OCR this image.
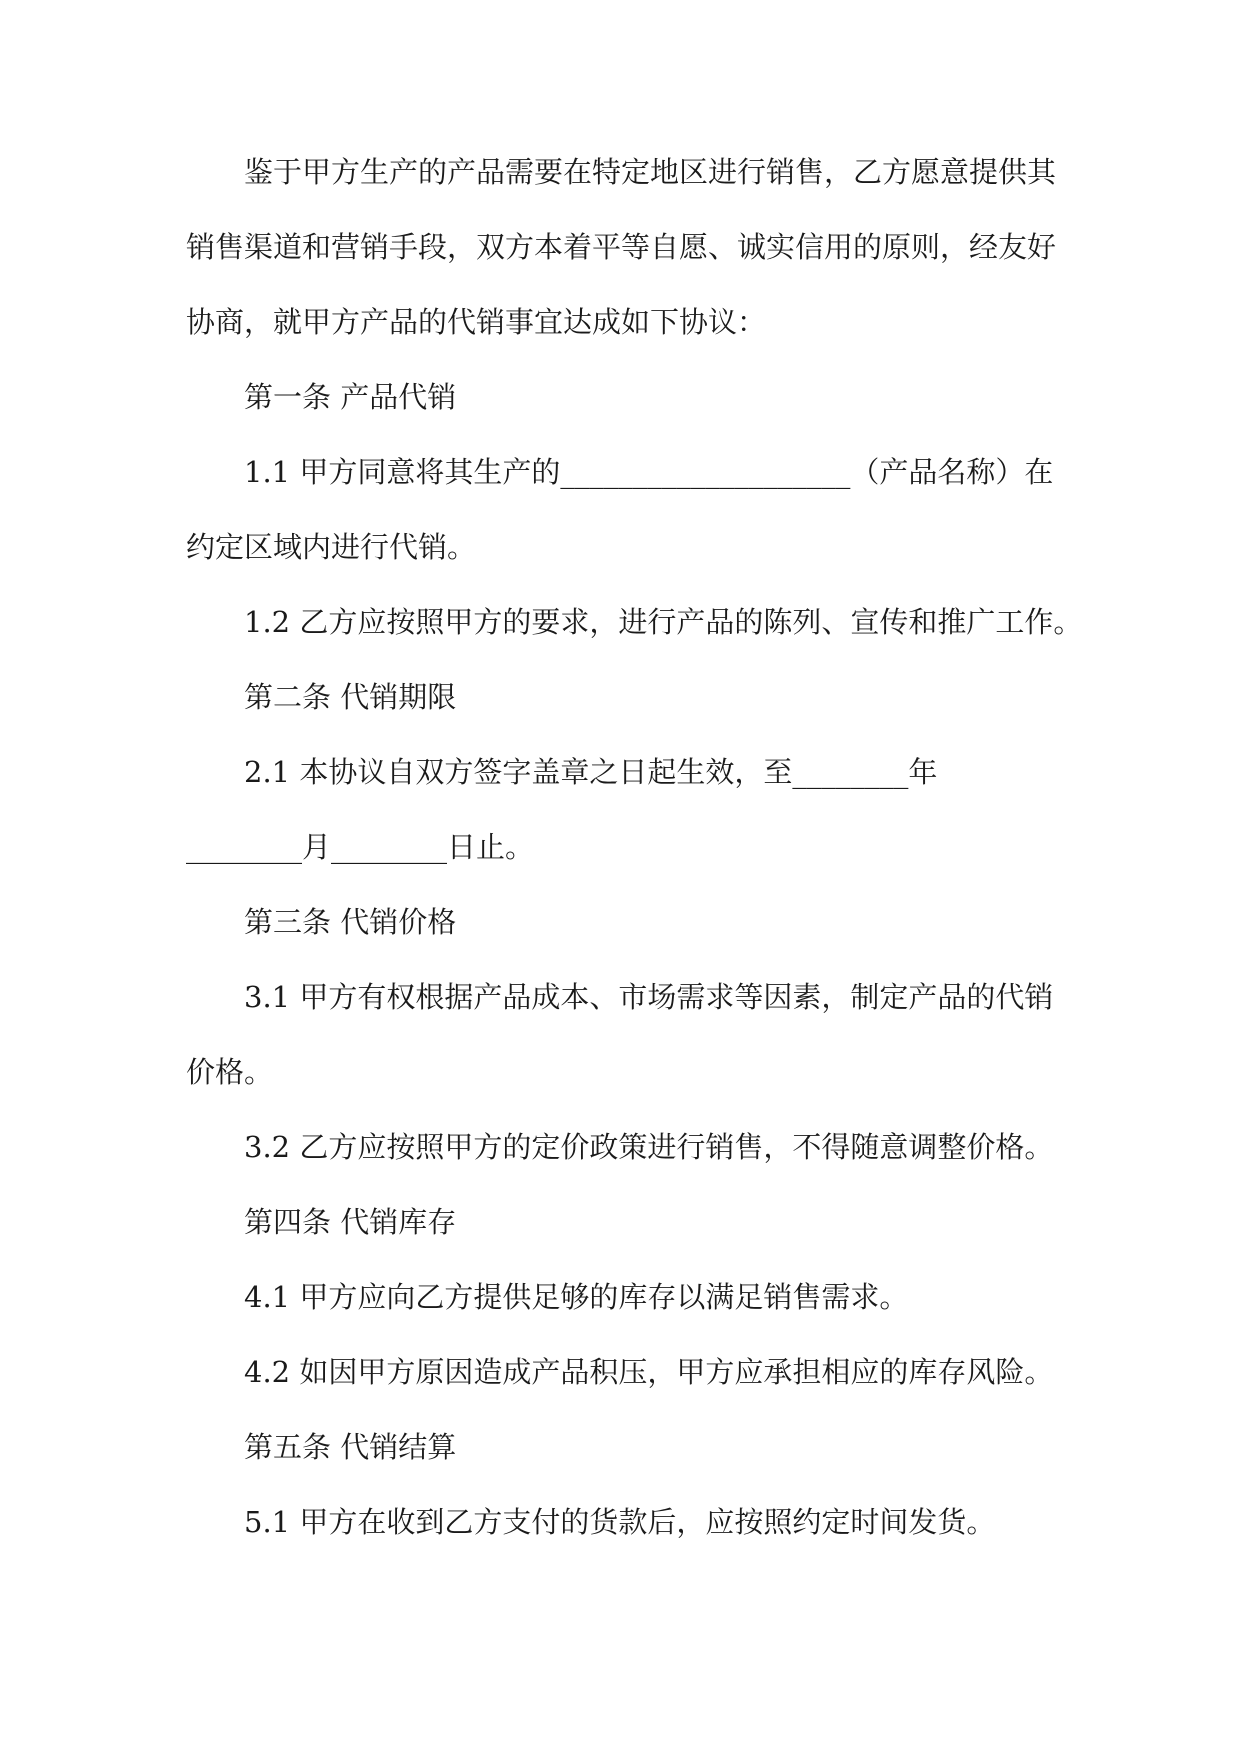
鉴于甲方生产的产品需要在特定地区进行销售，乙方愿意提供其

销售渠道和营销手段，双方本着平等自愿、诚实信用的原则，经友好

协商，就甲方产品的代销事宜达成如下协议：

第一条 产品代销

1.1 甲方同意将其生产的____________________（产品名称）在

约定区域内进行代销。

1.2 乙方应按照甲方的要求，进行产品的陈列、宣传和推广工作。

第二条 代销期限

2.1 本协议自双方签字盖章之日起生效，至________年

________月________日止。

第三条 代销价格

3.1 甲方有权根据产品成本、市场需求等因素，制定产品的代销

价格。

3.2 乙方应按照甲方的定价政策进行销售，不得随意调整价格。

第四条 代销库存

4.1 甲方应向乙方提供足够的库存以满足销售需求。

4.2 如因甲方原因造成产品积压，甲方应承担相应的库存风险。

第五条 代销结算

5.1 甲方在收到乙方支付的货款后，应按照约定时间发货。
